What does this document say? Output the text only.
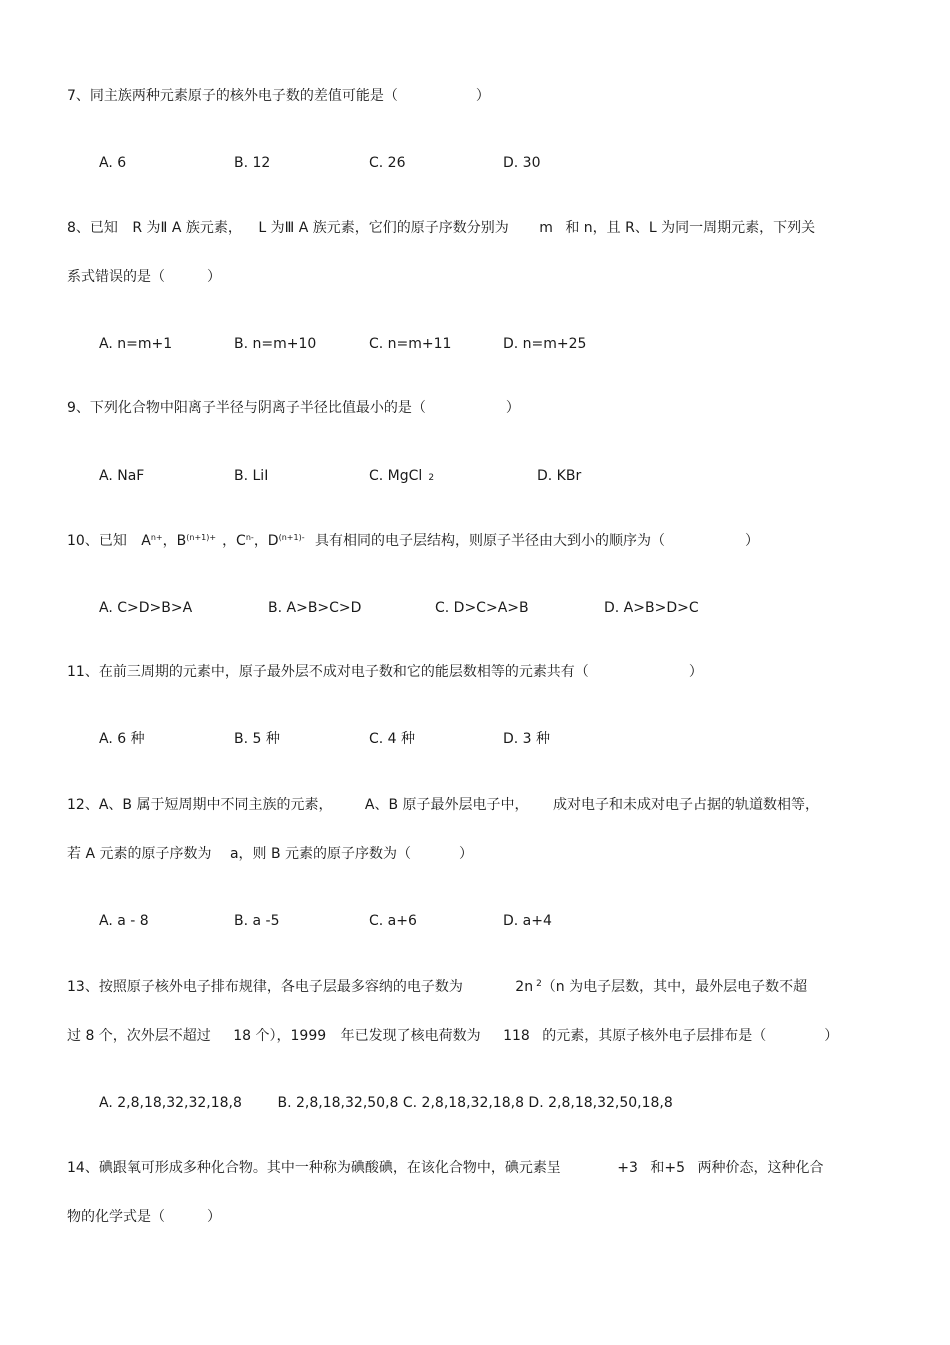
7、同主族两种元素原子的核外电子数的差值可能是（	）
A. 6	B. 12	C. 26	D. 30
8、已知 R 为Ⅱ A 族元素， L 为Ⅲ A 族元素，它们的原子序数分别为 m 和 n，且 R、L 为同一周期元素，下列关
系式错误的是（	）
A. n=m+1	B. n=m+10	C. n=m+11	D. n=m+25
9、下列化合物中阳离子半径与阴离子半径比值最小的是（	）
A. NaF	B. LiI	C. MgCl 2	D. KBr
10、已知 $A^{n+}$，$B^{(n+1)+}$ ，$C^{n-}$，$D^{(n+1)-}$ 具有相同的电子层结构，则原子半径由大到小的顺序为（	）
A. C>D>B>A	B. A>B>C>D	C. D>C>A>B	D. A>B>D>C
11、在前三周期的元素中，原子最外层不成对电子数和它的能层数相等的元素共有（	）
A. 6 种	B. 5 种	C. 4 种	D. 3 种
12、A、B 属于短周期中不同主族的元素， A、B 原子最外层电子中， 成对电子和未成对电子占据的轨道数相等，
若 A 元素的原子序数为 a，则 B 元素的原子序数为（	）
A. a - 8	B. a -5	C. a+6	D. a+4
13、按照原子核外电子排布规律，各电子层最多容纳的电子数为	2n $^2$（n 为电子层数，其中，最外层电子数不超
过 8 个，次外层不超过 18 个），1999 年已发现了核电荷数为 118 的元素，其原子核外电子层排布是（	）
A. 2,8,18,32,32,18,8        B. 2,8,18,32,50,8 C. 2,8,18,32,18,8 D. 2,8,18,32,50,18,8
14、碘跟氧可形成多种化合物。其中一种称为碘酸碘，在该化合物中，碘元素呈	+3 和+5 两种价态，这种化合
物的化学式是（	）
